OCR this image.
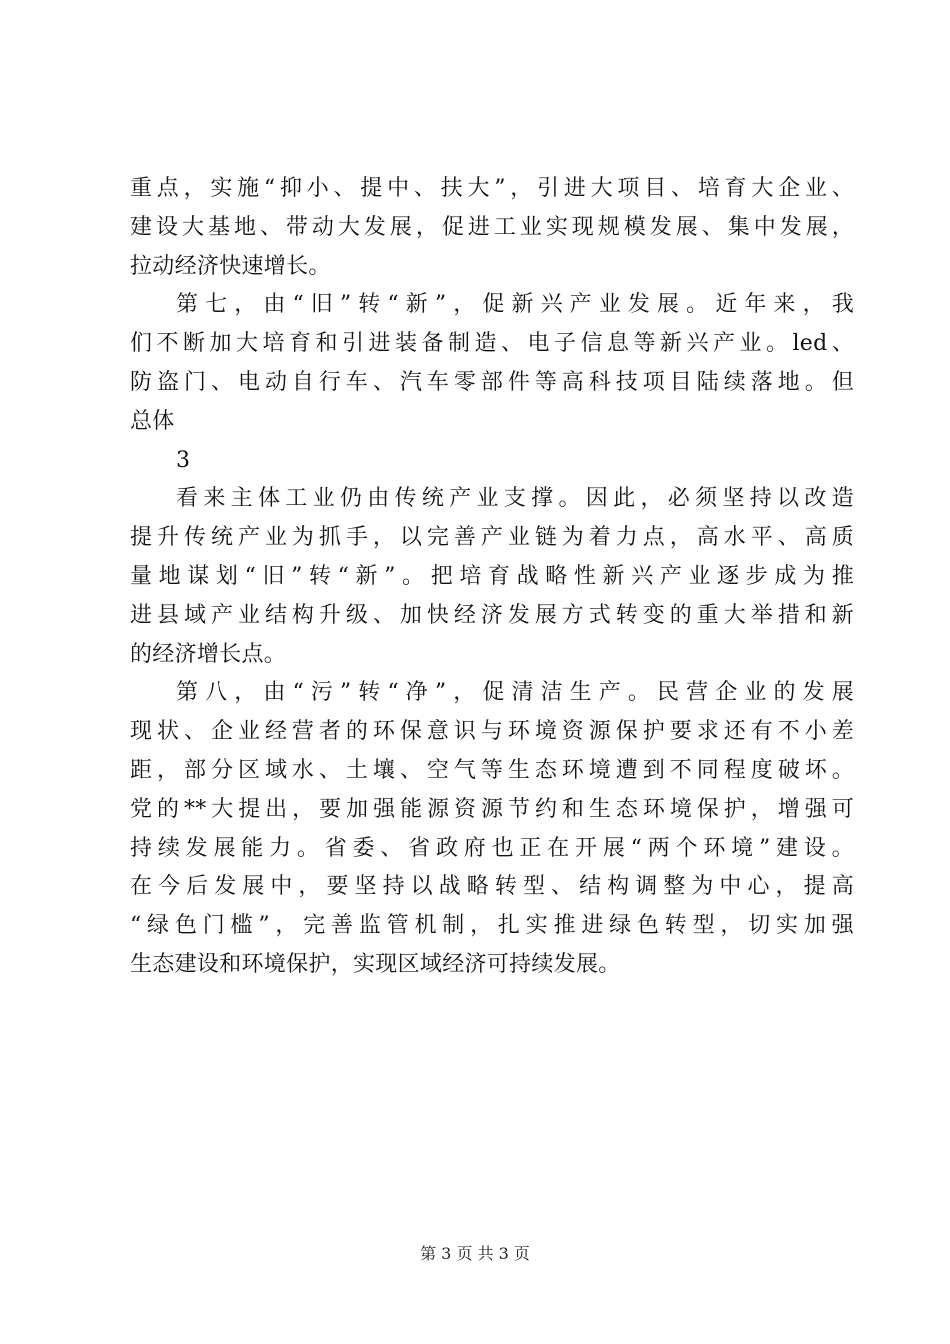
重点，实施“抑小、提中、扶大”，引进大项目、培育大企业、
建设大基地、带动大发展，促进工业实现规模发展、集中发展，
拉动经济快速增长。
第七，由“旧”转“新”，促新兴产业发展。近年来，我
们不断加大培育和引进装备制造、电子信息等新兴产业。led、
防盗门、电动自行车、汽车零部件等高科技项目陆续落地。但
总体
3
看来主体工业仍由传统产业支撑。因此，必须坚持以改造
提升传统产业为抓手，以完善产业链为着力点，高水平、高质
量地谋划“旧”转“新”。把培育战略性新兴产业逐步成为推
进县域产业结构升级、加快经济发展方式转变的重大举措和新
的经济增长点。
第八，由“污”转“净”，促清洁生产。民营企业的发展
现状、企业经营者的环保意识与环境资源保护要求还有不小差
距，部分区域水、土壤、空气等生态环境遭到不同程度破坏。
党的**大提出，要加强能源资源节约和生态环境保护，增强可
持续发展能力。省委、省政府也正在开展“两个环境”建设。
在今后发展中，要坚持以战略转型、结构调整为中心，提高
“绿色门槛”，完善监管机制，扎实推进绿色转型，切实加强
生态建设和环境保护，实现区域经济可持续发展。
第 3 页 共 3 页
